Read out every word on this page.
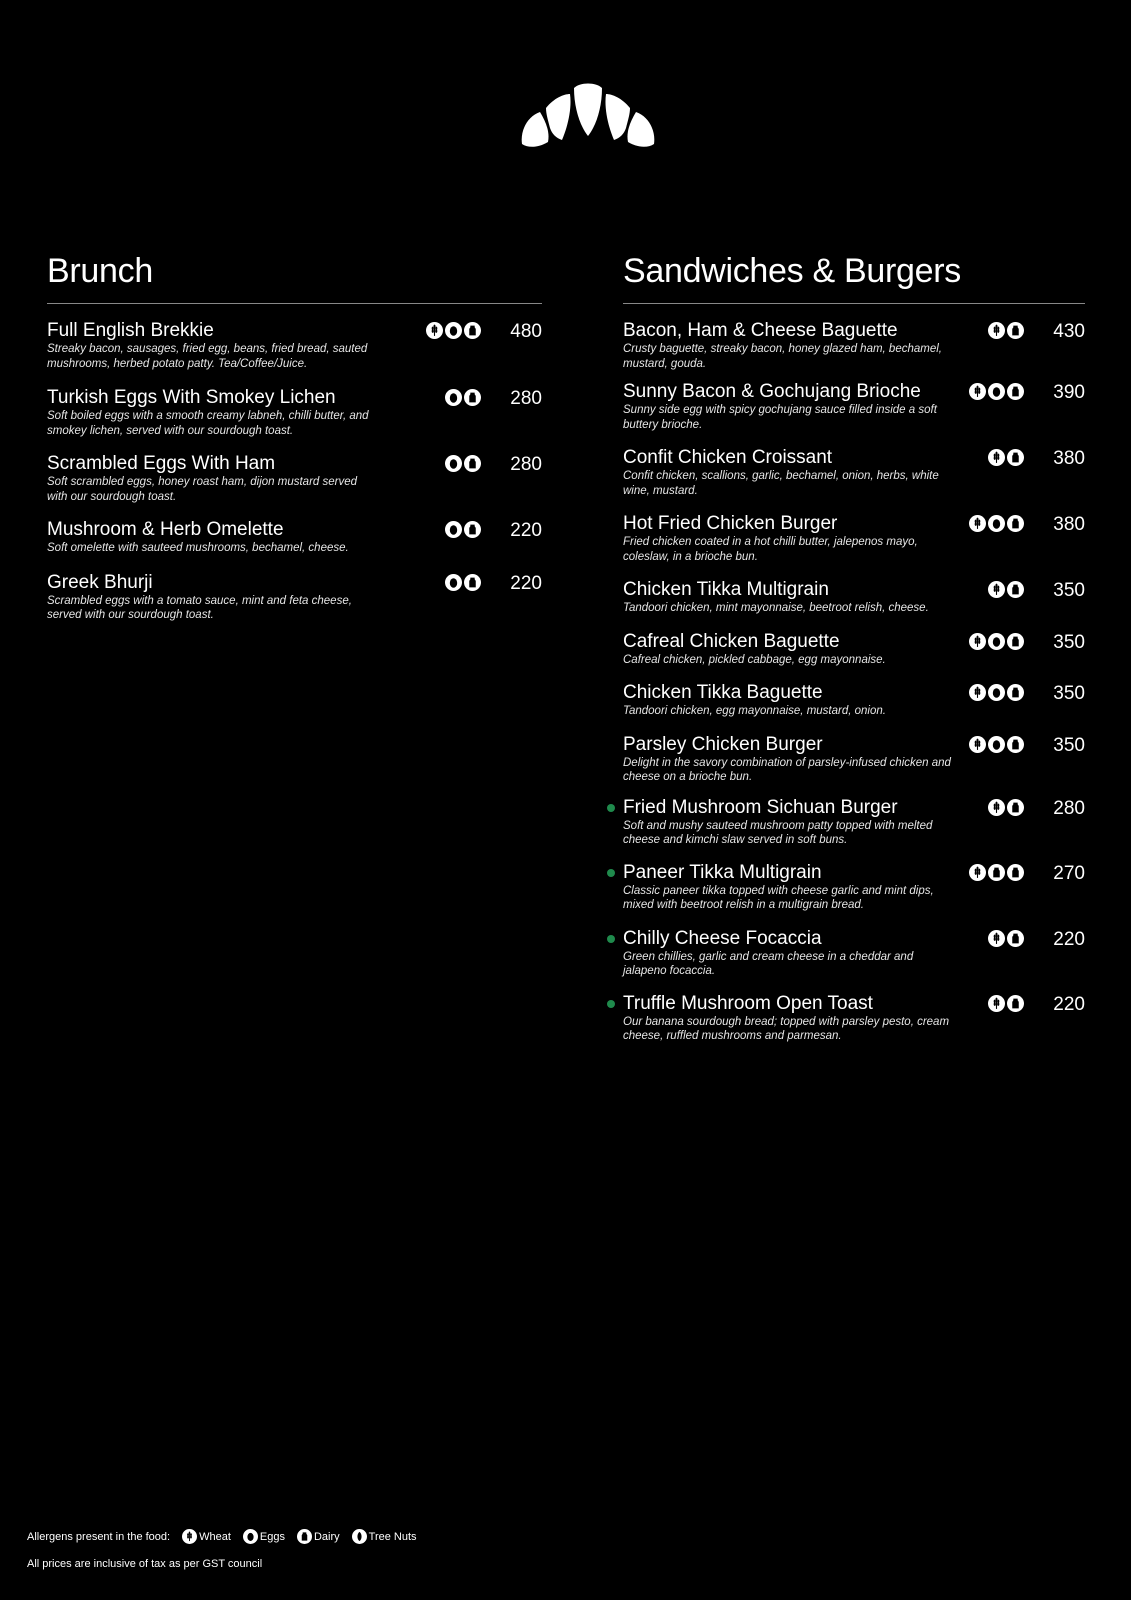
Brunch
Full English Brekkie
Streaky bacon, sausages, fried egg, beans, fried bread, sauted mushrooms, herbed potato patty. Tea/Coffee/Juice.
480
Turkish Eggs With Smokey Lichen
Soft boiled eggs with a smooth creamy labneh, chilli butter, and smokey lichen, served with our sourdough toast.
280
Scrambled Eggs With Ham
Soft scrambled eggs, honey roast ham, dijon mustard served with our sourdough toast.
280
Mushroom & Herb Omelette
Soft omelette with sauteed mushrooms, bechamel, cheese.
220
Greek Bhurji
Scrambled eggs with a tomato sauce, mint and feta cheese, served with our sourdough toast.
220
Sandwiches & Burgers
Bacon, Ham & Cheese Baguette
Crusty baguette, streaky bacon, honey glazed ham, bechamel, mustard, gouda.
430
Sunny Bacon & Gochujang Brioche
Sunny side egg with spicy gochujang sauce filled inside a soft buttery brioche.
390
Confit Chicken Croissant
Confit chicken, scallions, garlic, bechamel, onion, herbs, white wine, mustard.
380
Hot Fried Chicken Burger
Fried chicken coated in a hot chilli butter, jalepenos mayo, coleslaw, in a brioche bun.
380
Chicken Tikka Multigrain
Tandoori chicken, mint mayonnaise, beetroot relish, cheese.
350
Cafreal Chicken Baguette
Cafreal chicken, pickled cabbage, egg mayonnaise.
350
Chicken Tikka Baguette
Tandoori chicken, egg mayonnaise, mustard, onion.
350
Parsley Chicken Burger
Delight in the savory combination of parsley-infused chicken and cheese on a brioche bun.
350
Fried Mushroom Sichuan Burger
Soft and mushy sauteed mushroom patty topped with melted cheese and kimchi slaw served in soft buns.
280
Paneer Tikka Multigrain
Classic paneer tikka topped with cheese garlic and mint dips, mixed with beetroot relish in a multigrain bread.
270
Chilly Cheese Focaccia
Green chillies, garlic and cream cheese in a cheddar and jalapeno focaccia.
220
Truffle Mushroom Open Toast
Our banana sourdough bread; topped with parsley pesto, cream cheese, ruffled mushrooms and parmesan.
220
Allergens present in the food:	Wheat	Eggs	Dairy	Tree Nuts
All prices are inclusive of tax as per GST council
